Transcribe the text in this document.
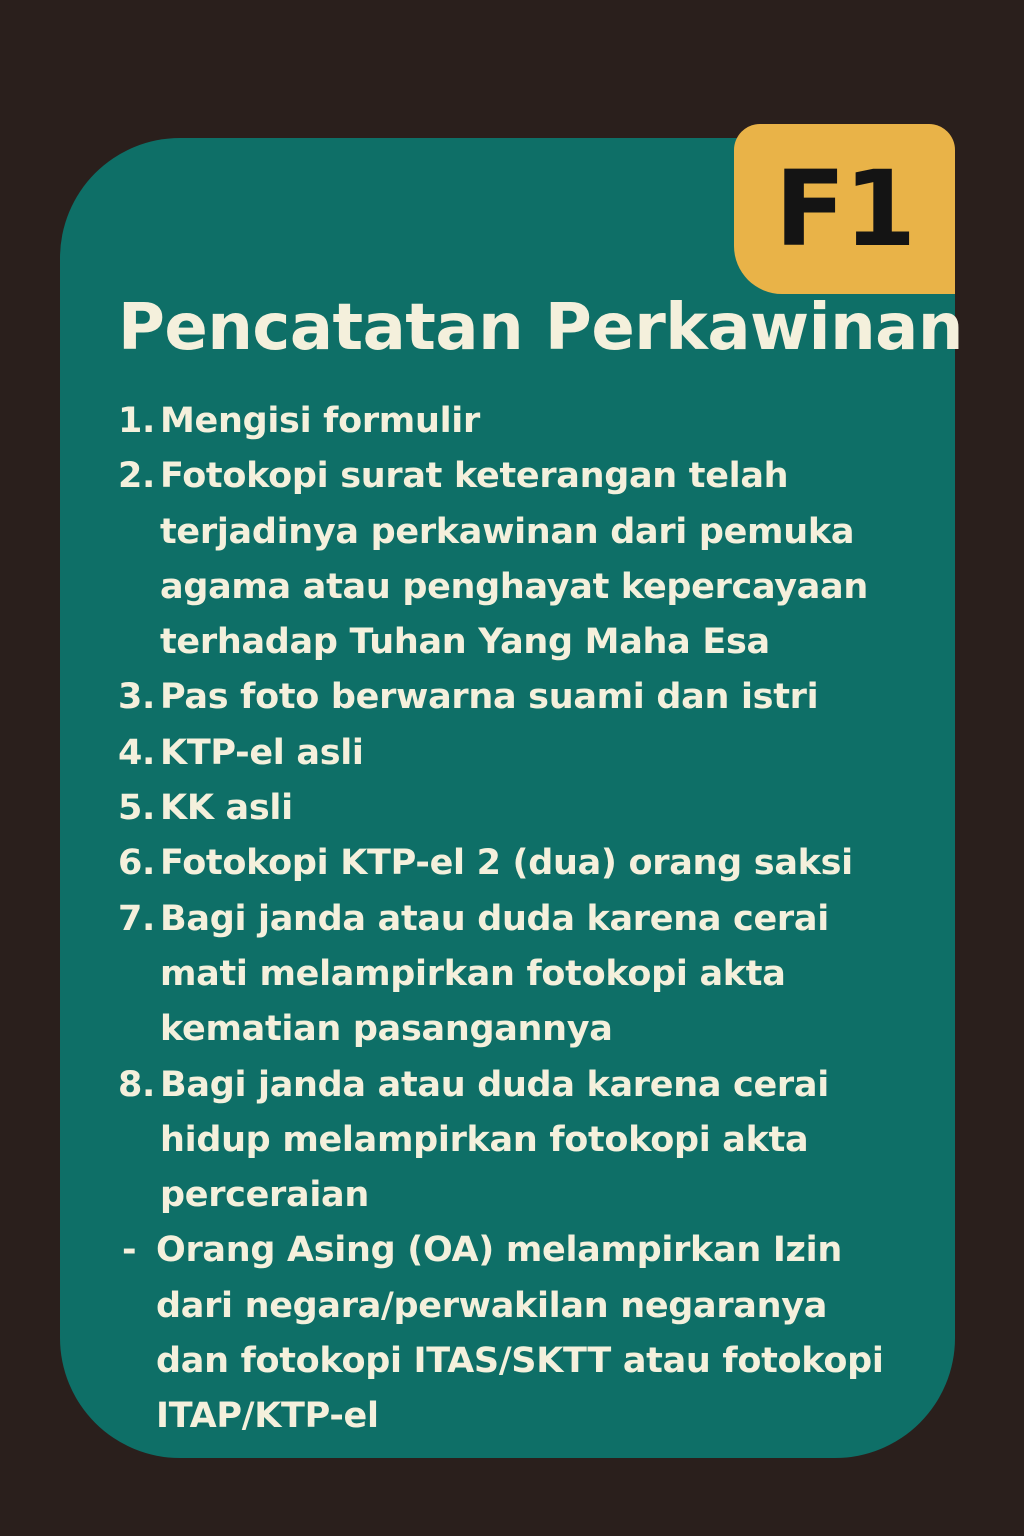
F1
Pencatatan Perkawinan
1. Mengisi formulir
2. Fotokopi surat keterangan telah
terjadinya perkawinan dari pemuka
agama atau penghayat kepercayaan
terhadap Tuhan Yang Maha Esa
3. Pas foto berwarna suami dan istri
4. KTP-el asli
5. KK asli
6. Fotokopi KTP-el 2 (dua) orang saksi
7. Bagi janda atau duda karena cerai
mati melampirkan fotokopi akta
kematian pasangannya
8. Bagi janda atau duda karena cerai
hidup melampirkan fotokopi akta
perceraian
- Orang Asing (OA) melampirkan Izin
dari negara/perwakilan negaranya
dan fotokopi ITAS/SKTT atau fotokopi
ITAP/KTP-el
